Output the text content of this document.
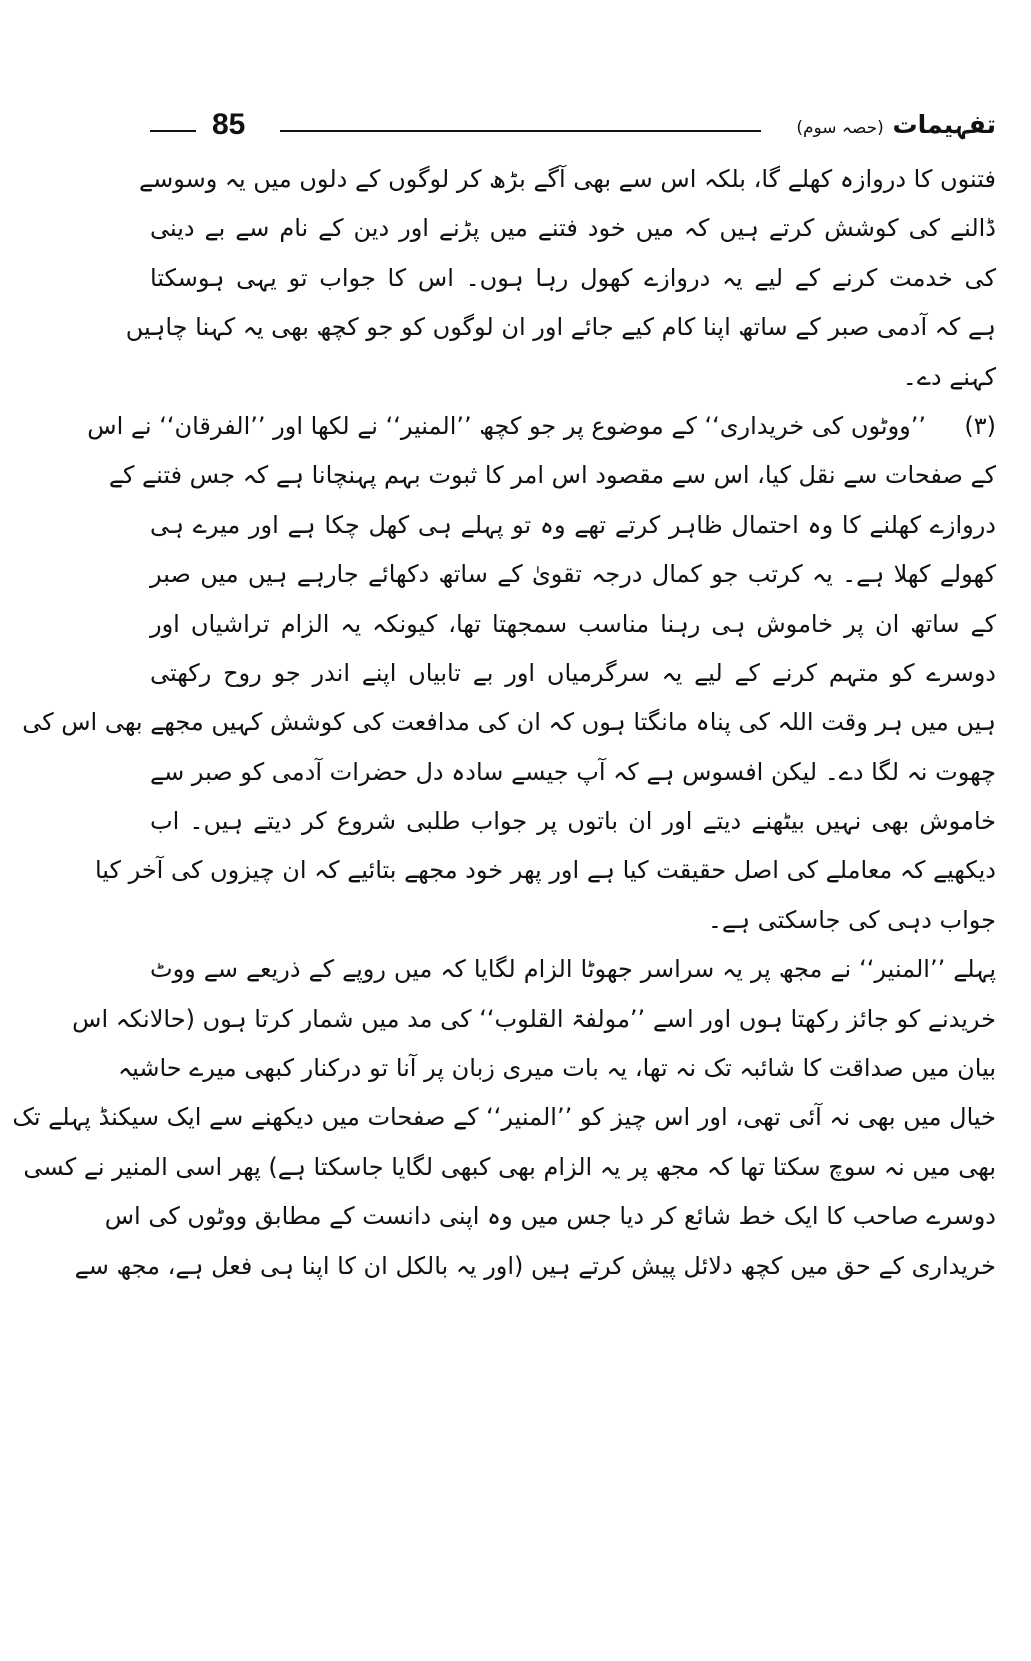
تفہیمات (حصہ سوم)
85
فتنوں کا دروازہ کھلے گا، بلکہ اس سے بھی آگے بڑھ کر لوگوں کے دلوں میں یہ وسوسے
ڈالنے کی کوشش کرتے ہیں کہ میں خود فتنے میں پڑنے اور دین کے نام سے بے دینی
کی خدمت کرنے کے لیے یہ دروازے کھول رہا ہوں۔ اس کا جواب تو یہی ہوسکتا
ہے کہ آدمی صبر کے ساتھ اپنا کام کیے جائے اور ان لوگوں کو جو کچھ بھی یہ کہنا چاہیں
کہنے دے۔
(۳)
’’ووٹوں کی خریداری‘‘ کے موضوع پر جو کچھ ’’المنیر‘‘ نے لکھا اور ’’الفرقان‘‘ نے اس
کے صفحات سے نقل کیا، اس سے مقصود اس امر کا ثبوت بہم پہنچانا ہے کہ جس فتنے کے
دروازے کھلنے کا وہ احتمال ظاہر کرتے تھے وہ تو پہلے ہی کھل چکا ہے اور میرے ہی
کھولے کھلا ہے۔ یہ کرتب جو کمال درجہ تقویٰ کے ساتھ دکھائے جارہے ہیں میں صبر
کے ساتھ ان پر خاموش ہی رہنا مناسب سمجھتا تھا، کیونکہ یہ الزام تراشیاں اور
دوسرے کو متہم کرنے کے لیے یہ سرگرمیاں اور بے تابیاں اپنے اندر جو روح رکھتی
ہیں میں ہر وقت اللہ کی پناہ مانگتا ہوں کہ ان کی مدافعت کی کوشش کہیں مجھے بھی اس کی
چھوت نہ لگا دے۔ لیکن افسوس ہے کہ آپ جیسے سادہ دل حضرات آدمی کو صبر سے
خاموش بھی نہیں بیٹھنے دیتے اور ان باتوں پر جواب طلبی شروع کر دیتے ہیں۔ اب
دیکھیے کہ معاملے کی اصل حقیقت کیا ہے اور پھر خود مجھے بتائیے کہ ان چیزوں کی آخر کیا
جواب دہی کی جاسکتی ہے۔
پہلے ’’المنیر‘‘ نے مجھ پر یہ سراسر جھوٹا الزام لگایا کہ میں روپے کے ذریعے سے ووٹ
خریدنے کو جائز رکھتا ہوں اور اسے ’’مولفۃ القلوب‘‘ کی مد میں شمار کرتا ہوں (حالانکہ اس
بیان میں صداقت کا شائبہ تک نہ تھا، یہ بات میری زبان پر آنا تو درکنار کبھی میرے حاشیہ
خیال میں بھی نہ آئی تھی، اور اس چیز کو ’’المنیر‘‘ کے صفحات میں دیکھنے سے ایک سیکنڈ پہلے تک
بھی میں نہ سوچ سکتا تھا کہ مجھ پر یہ الزام بھی کبھی لگایا جاسکتا ہے) پھر اسی المنیر نے کسی
دوسرے صاحب کا ایک خط شائع کر دیا جس میں وہ اپنی دانست کے مطابق ووٹوں کی اس
خریداری کے حق میں کچھ دلائل پیش کرتے ہیں (اور یہ بالکل ان کا اپنا ہی فعل ہے، مجھ سے
